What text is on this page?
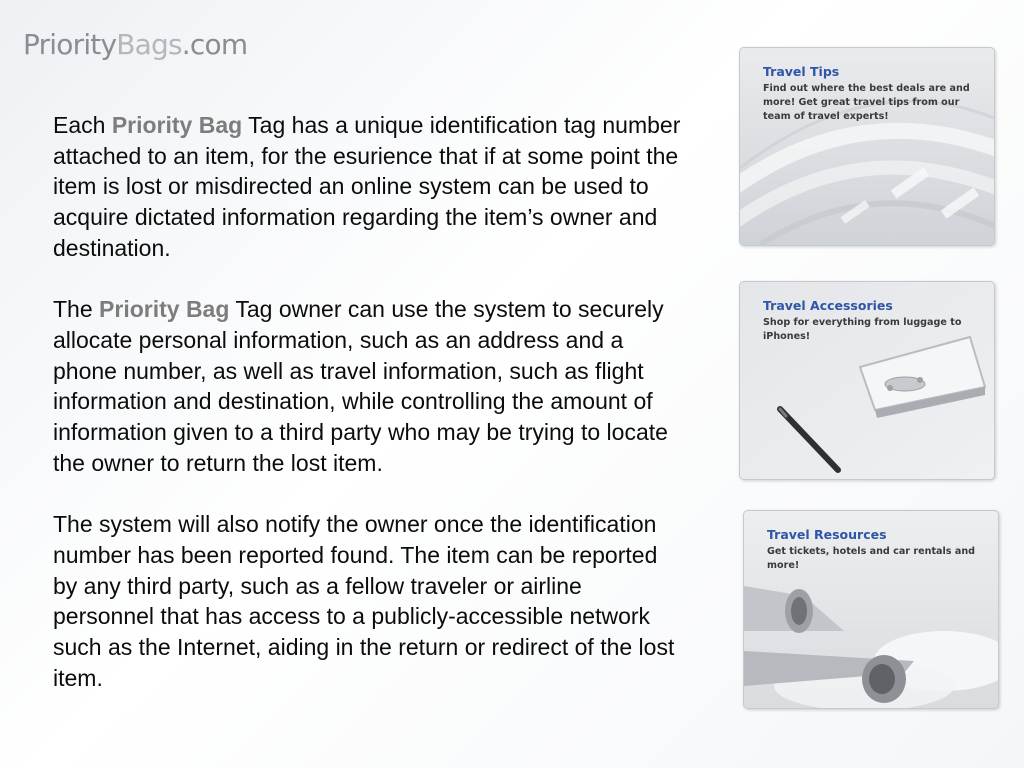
PriorityBags.com

Each Priority Bag Tag has a unique identification tag number attached to an item, for the esurience that if at some point the item is lost or misdirected an online system can be used to acquire dictated information regarding the item’s owner and destination.

The Priority Bag Tag owner can use the system to securely allocate personal information, such as an address and a phone number, as well as travel information, such as flight information and destination, while controlling the amount of information given to a third party who may be trying to locate the owner to return the lost item.

The system will also notify the owner once the identification number has been reported found. The item can be reported by any third party, such as a fellow traveler or airline personnel that has access to a publicly-accessible network such as the Internet, aiding in the return or redirect of the lost item.

Travel Tips
Find out where the best deals are and more! Get great travel tips from our team of travel experts!
Travel Accessories
Shop for everything from luggage to iPhones!
Travel Resources
Get tickets, hotels and car rentals and more!
